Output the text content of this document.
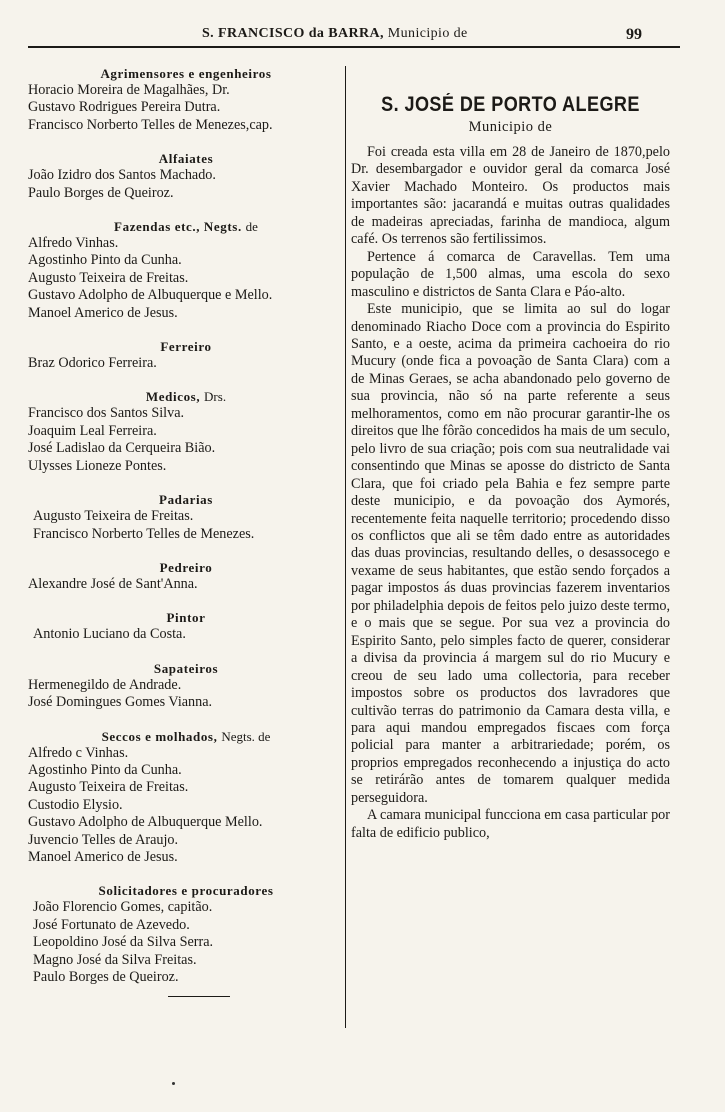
S. FRANCISCO da BARRA, Municipio de	99
Agrimensores e engenheiros
Horacio Moreira de Magalhães, Dr.
Gustavo Rodrigues Pereira Dutra.
Francisco Norberto Telles de Menezes,cap.
Alfaiates
João Izidro dos Santos Machado.
Paulo Borges de Queiroz.
Fazendas etc., Negts. de
Alfredo Vinhas.
Agostinho Pinto da Cunha.
Augusto Teixeira de Freitas.
Gustavo Adolpho de Albuquerque e Mello.
Manoel Americo de Jesus.
Ferreiro
Braz Odorico Ferreira.
Medicos, Drs.
Francisco dos Santos Silva.
Joaquim Leal Ferreira.
José Ladislao da Cerqueira Bião.
Ulysses Lioneze Pontes.
Padarias
Augusto Teixeira de Freitas.
Francisco Norberto Telles de Menezes.
Pedreiro
Alexandre José de Sant'Anna.
Pintor
Antonio Luciano da Costa.
Sapateiros
Hermenegildo de Andrade.
José Domingues Gomes Vianna.
Seccos e molhados, Negts. de
Alfredo c Vinhas.
Agostinho Pinto da Cunha.
Augusto Teixeira de Freitas.
Custodio Elysio.
Gustavo Adolpho de Albuquerque Mello.
Juvencio Telles de Araujo.
Manoel Americo de Jesus.
Solicitadores e procuradores
João Florencio Gomes, capitão.
José Fortunato de Azevedo.
Leopoldino José da Silva Serra.
Magno José da Silva Freitas.
Paulo Borges de Queiroz.
S. JOSÉ DE PORTO ALEGRE
Municipio de

Foi creada esta villa em 28 de Janeiro de 1870,pelo Dr. desembargador e ouvidor geral da comarca José Xavier Machado Monteiro. Os productos mais importantes são: jacarandá e muitas outras qualidades de madeiras apreciadas, farinha de mandioca, algum café. Os terrenos são fertilissimos.

Pertence á comarca de Caravellas. Tem uma população de 1,500 almas, uma escola do sexo masculino e districtos de Santa Clara e Páo-alto.

Este municipio, que se limita ao sul do logar denominado Riacho Doce com a provincia do Espirito Santo, e a oeste, acima da primeira cachoeira do rio Mucury (onde fica a povoação de Santa Clara) com a de Minas Geraes, se acha abandonado pelo governo de sua provincia, não só na parte referente a seus melhoramentos, como em não procurar garantir-lhe os direitos que lhe fôrão concedidos ha mais de um seculo, pelo livro de sua criação; pois com sua neutralidade vai consentindo que Minas se aposse do districto de Santa Clara, que foi criado pela Bahia e fez sempre parte deste municipio, e da povoação dos Aymorés, recentemente feita naquelle territorio; procedendo disso os conflictos que ali se têm dado entre as autoridades das duas provincias, resultando delles, o desassocego e vexame de seus habitantes, que estão sendo forçados a pagar impostos ás duas provincias fazerem inventarios por philadelphia depois de feitos pelo juizo deste termo, e o mais que se segue. Por sua vez a provincia do Espirito Santo, pelo simples facto de querer, considerar a divisa da provincia á margem sul do rio Mucury e creou de seu lado uma collectoria, para receber impostos sobre os productos dos lavradores que cultivão terras do patrimonio da Camara desta villa, e para aqui mandou empregados fiscaes com força policial para manter a arbitrariedade; porém, os proprios empregados reconhecendo a injustiça do acto se retirárão antes de tomarem qualquer medida perseguidora.

A camara municipal funcciona em casa particular por falta de edificio publico,
